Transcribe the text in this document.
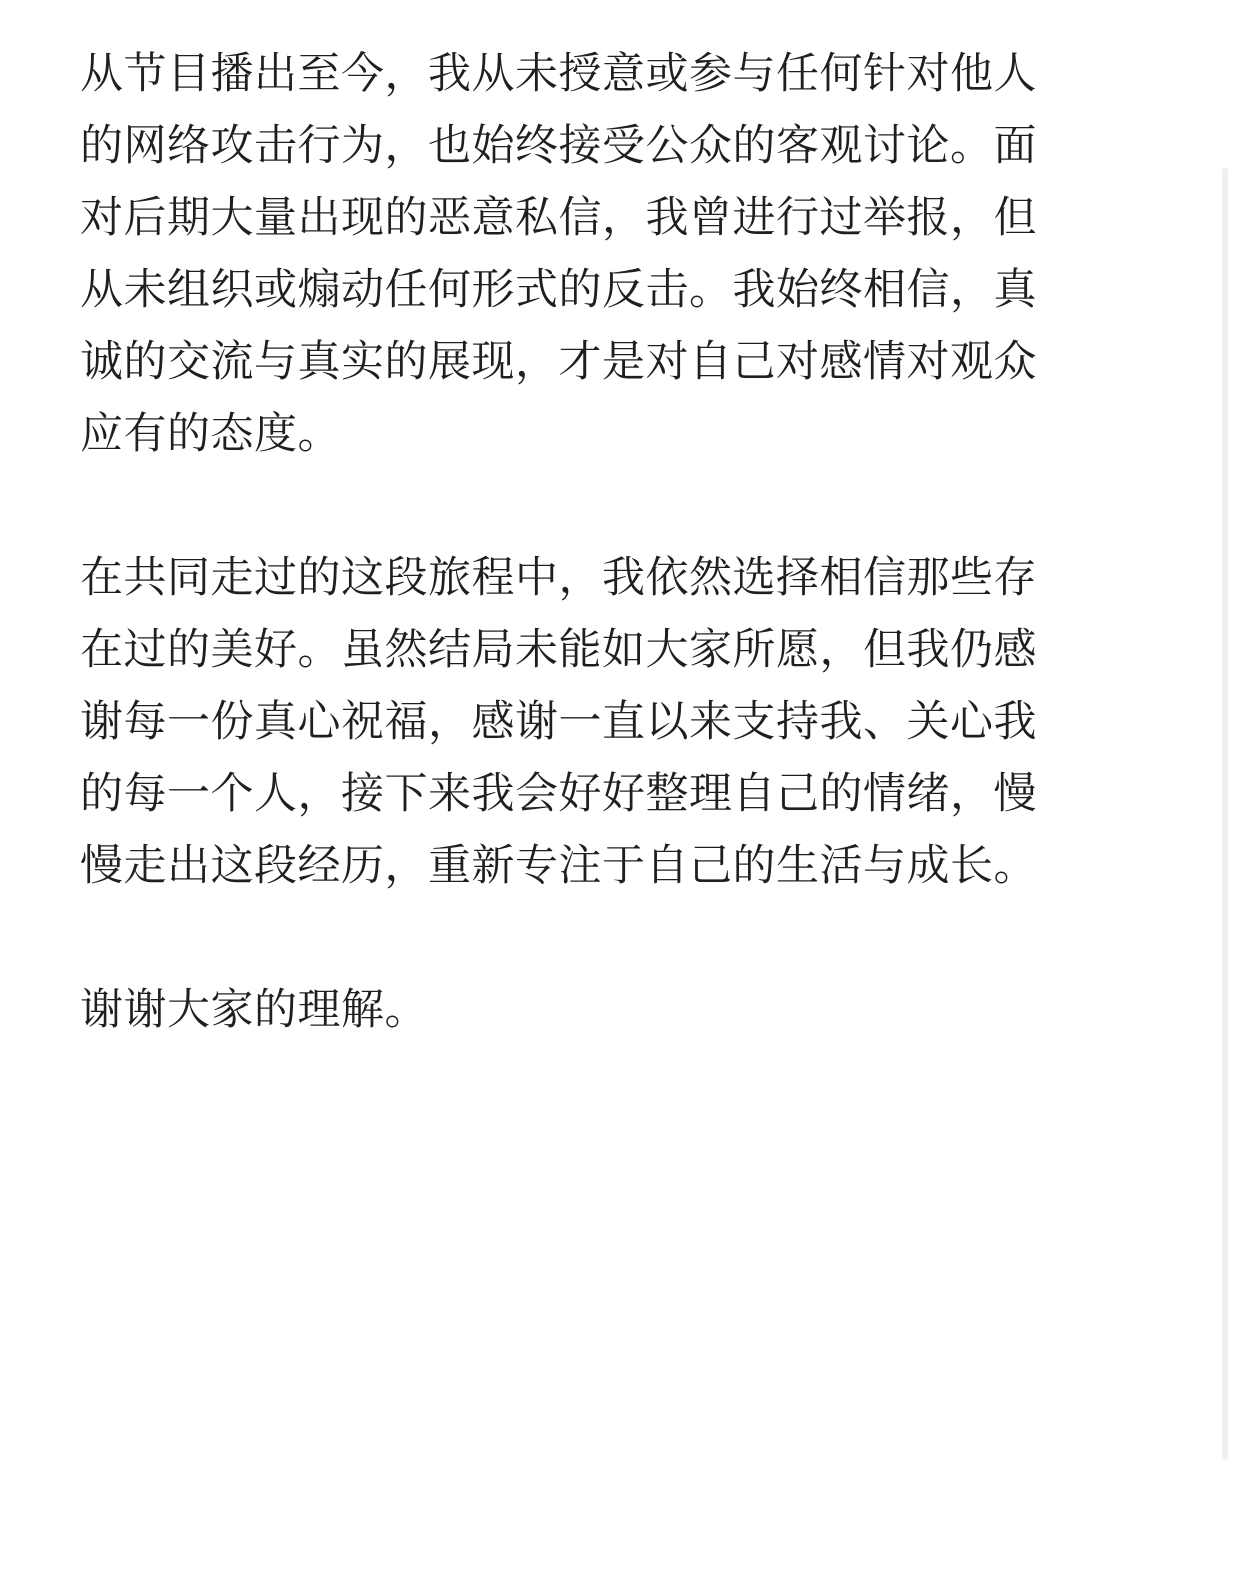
从节目播出至今，我从未授意或参与任何针对他人
的网络攻击行为，也始终接受公众的客观讨论。面
对后期大量出现的恶意私信，我曾进行过举报，但
从未组织或煽动任何形式的反击。我始终相信，真
诚的交流与真实的展现，才是对自己对感情对观众
应有的态度。
在共同走过的这段旅程中，我依然选择相信那些存
在过的美好。虽然结局未能如大家所愿，但我仍感
谢每一份真心祝福，感谢一直以来支持我、关心我
的每一个人，接下来我会好好整理自己的情绪，慢
慢走出这段经历，重新专注于自己的生活与成长。
谢谢大家的理解。
